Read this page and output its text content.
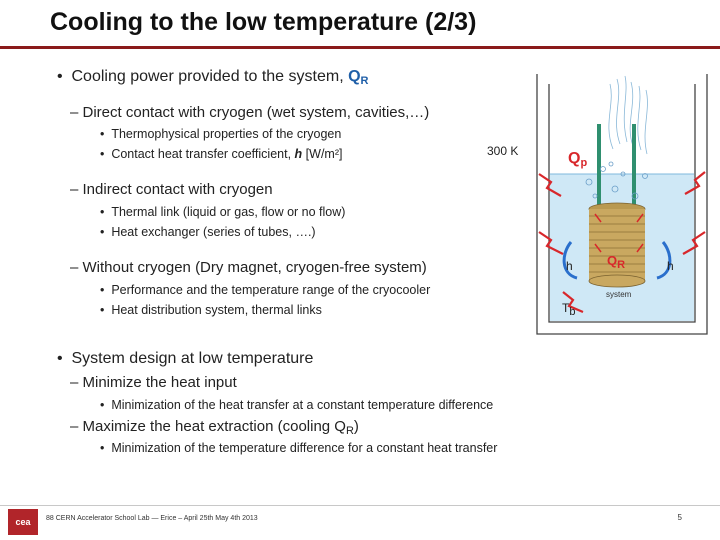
Cooling to the low temperature (2/3)
•  Cooling power provided to the system, $Q_R$
– Direct contact with cryogen (wet system, cavities,…)
•  Thermophysical properties of the cryogen
•  Contact heat transfer coefficient, h [W/m²]
– Indirect contact with cryogen
•  Thermal link (liquid or gas, flow or no flow)
•  Heat exchanger (series of tubes, ….)
– Without cryogen (Dry magnet, cryogen-free system)
•  Performance and the temperature range of the cryocooler
•  Heat distribution system, thermal links
•  System design at low temperature
– Minimize the heat input
•  Minimization of the heat transfer at a constant temperature difference
– Maximize the heat extraction (cooling $Q_R$)
•  Minimization of the temperature difference for a constant heat transfer
300 K	$Q_p$
$Q_R$
h	h
system
Tb
cea	88 CERN Accelerator School Lab — Erice – April 25th May 4th 2013	5
